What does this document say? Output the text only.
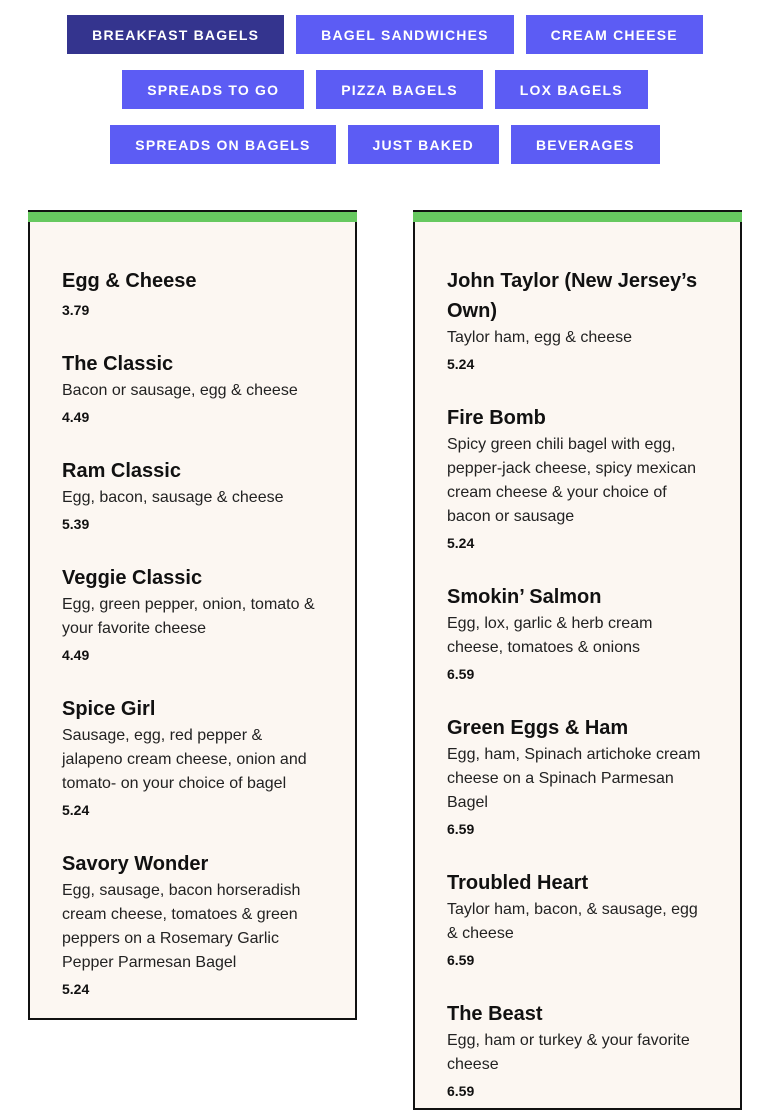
BREAKFAST BAGELS	BAGEL SANDWICHES	CREAM CHEESE
SPREADS TO GO	PIZZA BAGELS	LOX BAGELS
SPREADS ON BAGELS	JUST BAKED	BEVERAGES
Egg & Cheese
3.79
The Classic
Bacon or sausage, egg & cheese
4.49
Ram Classic
Egg, bacon, sausage & cheese
5.39
Veggie Classic
Egg, green pepper, onion, tomato & your favorite cheese
4.49
Spice Girl
Sausage, egg, red pepper & jalapeno cream cheese, onion and tomato- on your choice of bagel
5.24
Savory Wonder
Egg, sausage, bacon horseradish cream cheese, tomatoes & green peppers on a Rosemary Garlic Pepper Parmesan Bagel
5.24
John Taylor (New Jersey’s Own)
Taylor ham, egg & cheese
5.24
Fire Bomb
Spicy green chili bagel with egg, pepper-jack cheese, spicy mexican cream cheese & your choice of bacon or sausage
5.24
Smokin’ Salmon
Egg, lox, garlic & herb cream cheese, tomatoes & onions
6.59
Green Eggs & Ham
Egg, ham, Spinach artichoke cream cheese on a Spinach Parmesan Bagel
6.59
Troubled Heart
Taylor ham, bacon, & sausage, egg & cheese
6.59
The Beast
Egg, ham or turkey & your favorite cheese
6.59
